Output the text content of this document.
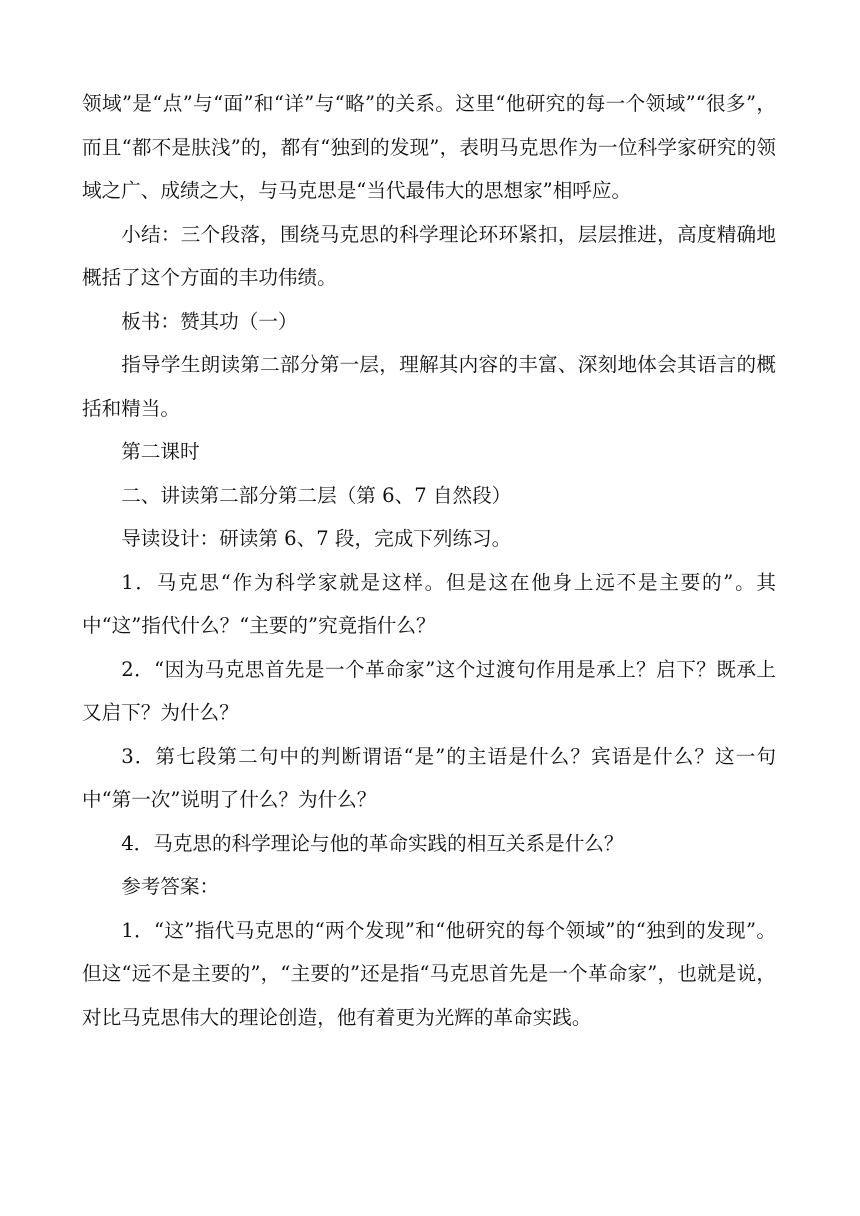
领域”是“点”与“面”和“详”与“略”的关系。这里“他研究的每一个领域”“很多”，而且“都不是肤浅”的，都有“独到的发现”，表明马克思作为一位科学家研究的领域之广、成绩之大，与马克思是“当代最伟大的思想家”相呼应。

小结：三个段落，围绕马克思的科学理论环环紧扣，层层推进，高度精确地概括了这个方面的丰功伟绩。

板书：赞其功（一）

指导学生朗读第二部分第一层，理解其内容的丰富、深刻地体会其语言的概括和精当。

第二课时

二、讲读第二部分第二层（第 6、7 自然段）

导读设计：研读第 6、7 段，完成下列练习。

1．马克思“作为科学家就是这样。但是这在他身上远不是主要的”。其中“这”指代什么？“主要的”究竟指什么？

2．“因为马克思首先是一个革命家”这个过渡句作用是承上？启下？既承上又启下？为什么？

3．第七段第二句中的判断谓语“是”的主语是什么？宾语是什么？这一句中“第一次”说明了什么？为什么？

4．马克思的科学理论与他的革命实践的相互关系是什么？

参考答案：

1．“这”指代马克思的“两个发现”和“他研究的每个领域”的“独到的发现”。但这“远不是主要的”，“主要的”还是指“马克思首先是一个革命家”，也就是说，对比马克思伟大的理论创造，他有着更为光辉的革命实践。
